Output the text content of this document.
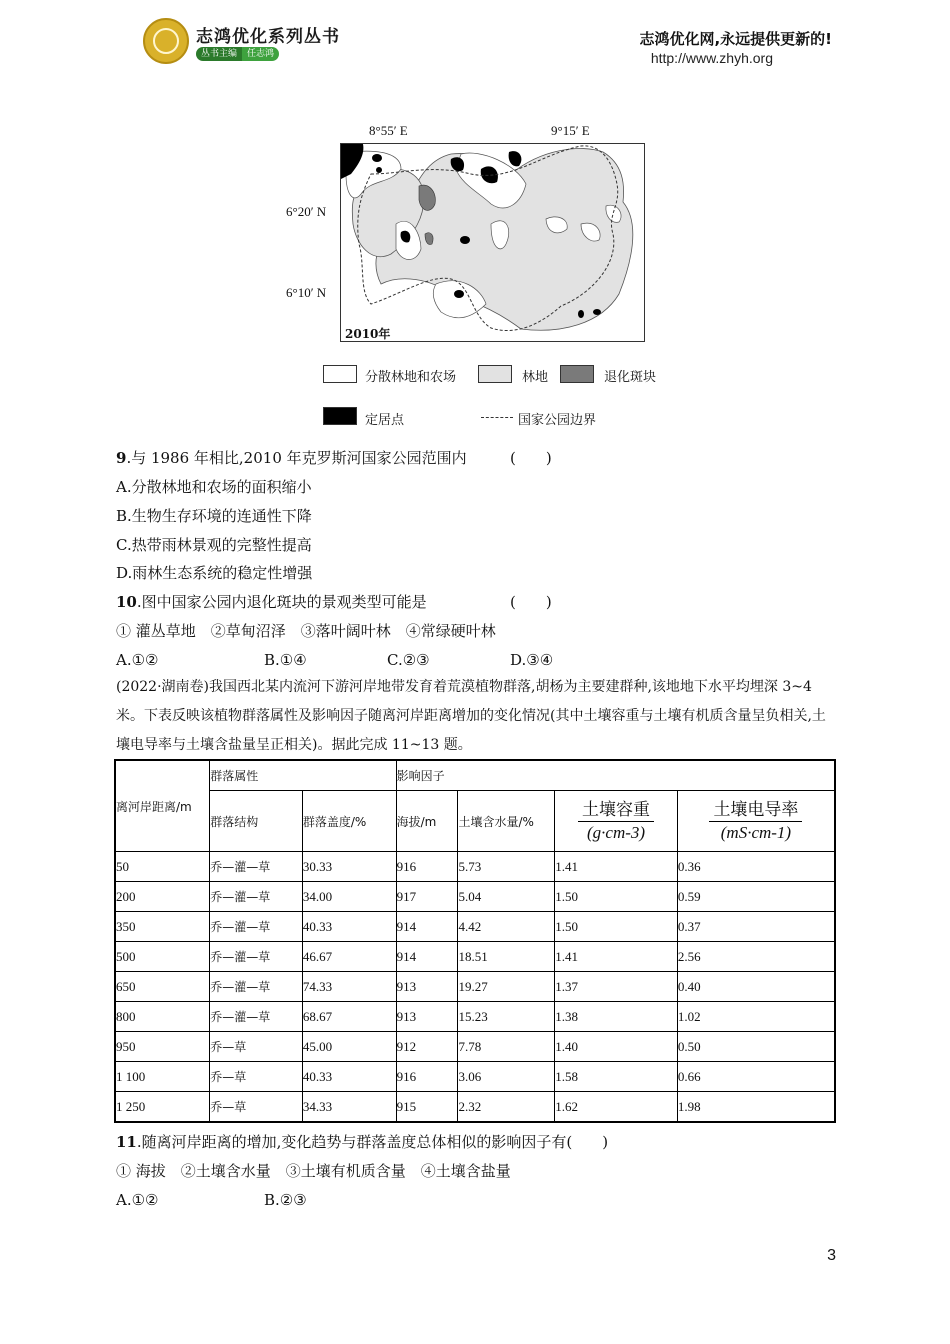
志鸿优化系列丛书
丛书主编	任志鸿
志鸿优化网,永远提供更新的!
http://www.zhyh.org
8°55′ E	9°15′ E
6°20′ N
6°10′ N
2010年
分散林地和农场	林地	退化斑块
定居点	国家公园边界
9.与 1986 年相比,2010 年克罗斯河国家公园范围内	(　　)
A.分散林地和农场的面积缩小
B.生物生存环境的连通性下降
C.热带雨林景观的完整性提高
D.雨林生态系统的稳定性增强
10.图中国家公园内退化斑块的景观类型可能是	(　　)
① 灌丛草地　②草甸沼泽　③落叶阔叶林　④常绿硬叶林
A.①②	B.①④	C.②③	D.③④
(2022·湖南卷)我国西北某内流河下游河岸地带发育着荒漠植物群落,胡杨为主要建群种,该地地下水平均埋深 3~4 米。下表反映该植物群落属性及影响因子随离河岸距离增加的变化情况(其中土壤容重与土壤有机质含量呈负相关,土壤电导率与土壤含盐量呈正相关)。据此完成 11~13 题。
离河岸距离/m	群落属性		影响因子			
	群落结构	群落盖度/%	海拔/m	土壤含水量/%	$\frac{\text{土壤容重}}{(g\cdot cm-3)}$	$\frac{\text{土壤电导率}}{(mS\cdot cm-1)}$

50	乔—灌—草	30.33	916	5.73	1.41	0.36
200	乔—灌—草	34.00	917	5.04	1.50	0.59
350	乔—灌—草	40.33	914	4.42	1.50	0.37
500	乔—灌—草	46.67	914	18.51	1.41	2.56
650	乔—灌—草	74.33	913	19.27	1.37	0.40
800	乔—灌—草	68.67	913	15.23	1.38	1.02
950	乔—草	45.00	912	7.78	1.40	0.50
1 100	乔—草	40.33	916	3.06	1.58	0.66
1 250	乔—草	34.33	915	2.32	1.62	1.98
11.随离河岸距离的增加,变化趋势与群落盖度总体相似的影响因子有(　　)
① 海拔　②土壤含水量　③土壤有机质含量　④土壤含盐量
A.①②	B.②③
3
